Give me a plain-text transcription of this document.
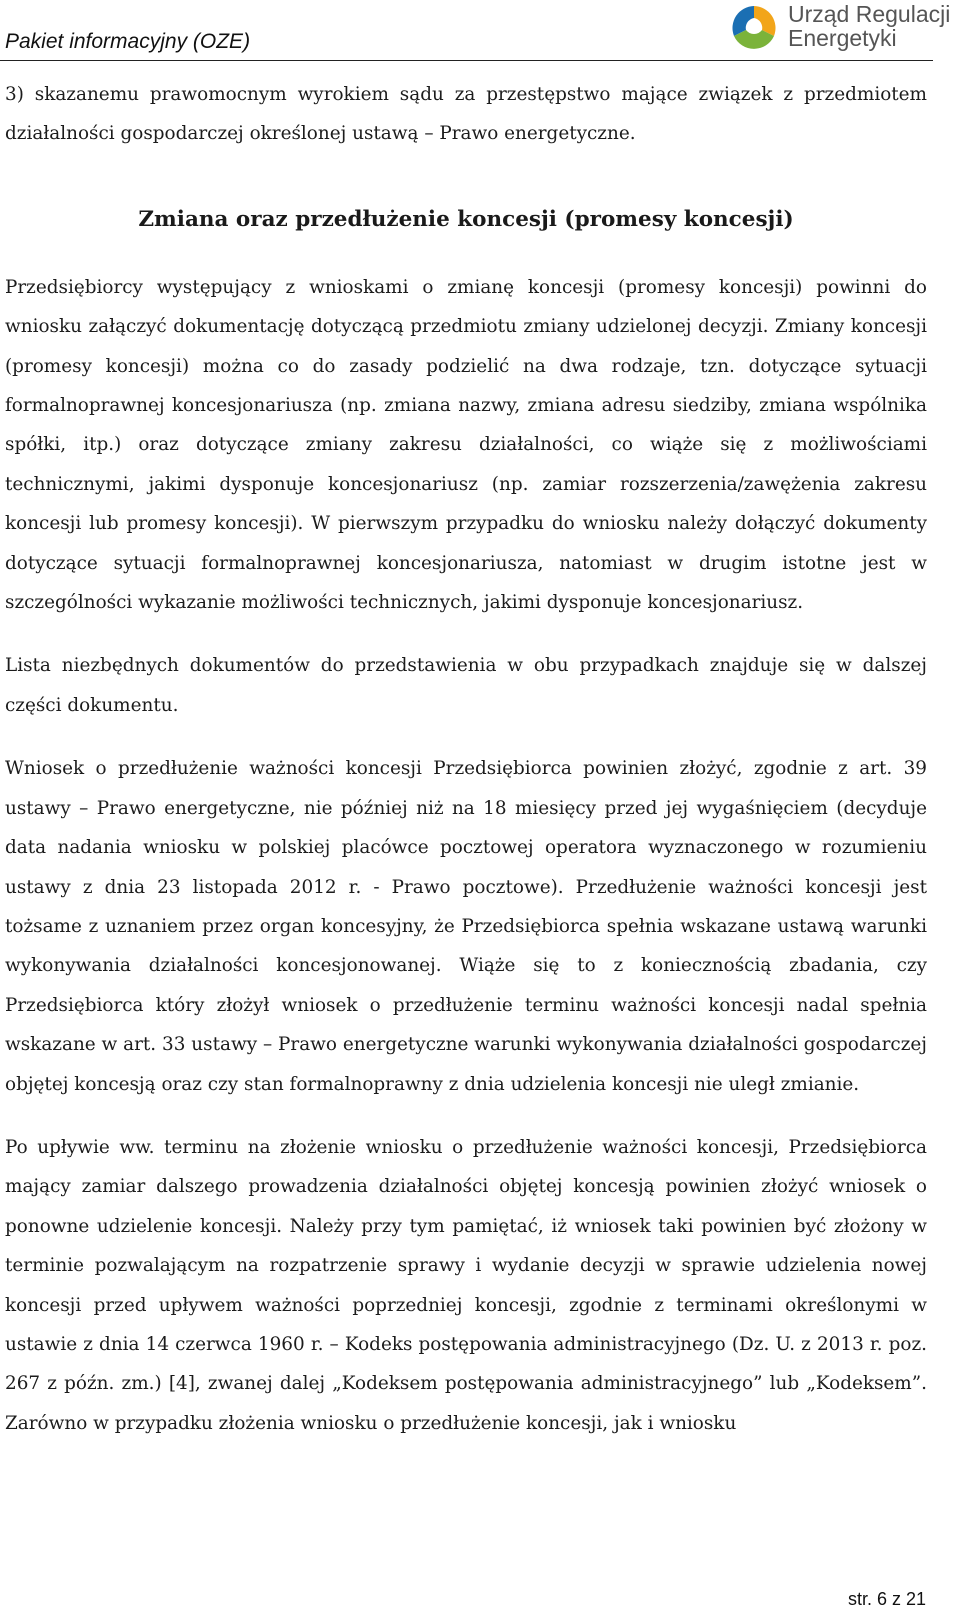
Pakiet informacyjny (OZE)
Urząd Regulacji
Energetyki

3) skazanemu prawomocnym wyrokiem sądu za przestępstwo mające związek z przedmiotem działalności gospodarczej określonej ustawą – Prawo energetyczne.

Zmiana oraz przedłużenie koncesji (promesy koncesji)

Przedsiębiorcy występujący z wnioskami o zmianę koncesji (promesy koncesji) powinni do wniosku załączyć dokumentację dotyczącą przedmiotu zmiany udzielonej decyzji. Zmiany koncesji (promesy koncesji) można co do zasady podzielić na dwa rodzaje, tzn. dotyczące sytuacji formalnoprawnej koncesjonariusza (np. zmiana nazwy, zmiana adresu siedziby, zmiana wspólnika spółki, itp.) oraz dotyczące zmiany zakresu działalności, co wiąże się z możliwościami technicznymi, jakimi dysponuje koncesjonariusz (np. zamiar rozszerzenia/zawężenia zakresu koncesji lub promesy koncesji). W pierwszym przypadku do wniosku należy dołączyć dokumenty dotyczące sytuacji formalnoprawnej koncesjonariusza, natomiast w drugim istotne jest w szczególności wykazanie możliwości technicznych, jakimi dysponuje koncesjonariusz.

Lista niezbędnych dokumentów do przedstawienia w obu przypadkach znajduje się w dalszej części dokumentu.

Wniosek o przedłużenie ważności koncesji Przedsiębiorca powinien złożyć, zgodnie z art. 39 ustawy – Prawo energetyczne, nie później niż na 18 miesięcy przed jej wygaśnięciem (decyduje data nadania wniosku w polskiej placówce pocztowej operatora wyznaczonego w rozumieniu ustawy z dnia 23 listopada 2012 r. - Prawo pocztowe). Przedłużenie ważności koncesji jest tożsame z uznaniem przez organ koncesyjny, że Przedsiębiorca spełnia wskazane ustawą warunki wykonywania działalności koncesjonowanej. Wiąże się to z koniecznością zbadania, czy Przedsiębiorca który złożył wniosek o przedłużenie terminu ważności koncesji nadal spełnia wskazane w art. 33 ustawy – Prawo energetyczne warunki wykonywania działalności gospodarczej objętej koncesją oraz czy stan formalnoprawny z dnia udzielenia koncesji nie uległ zmianie.

Po upływie ww. terminu na złożenie wniosku o przedłużenie ważności koncesji, Przedsiębiorca mający zamiar dalszego prowadzenia działalności objętej koncesją powinien złożyć wniosek o ponowne udzielenie koncesji. Należy przy tym pamiętać, iż wniosek taki powinien być złożony w terminie pozwalającym na rozpatrzenie sprawy i wydanie decyzji w sprawie udzielenia nowej koncesji przed upływem ważności poprzedniej koncesji, zgodnie z terminami określonymi w ustawie z dnia 14 czerwca 1960 r. – Kodeks postępowania administracyjnego (Dz. U. z 2013 r. poz. 267 z późn. zm.) [4], zwanej dalej „Kodeksem postępowania administracyjnego” lub „Kodeksem”. Zarówno w przypadku złożenia wniosku o przedłużenie koncesji, jak i wniosku

str. 6 z 21
